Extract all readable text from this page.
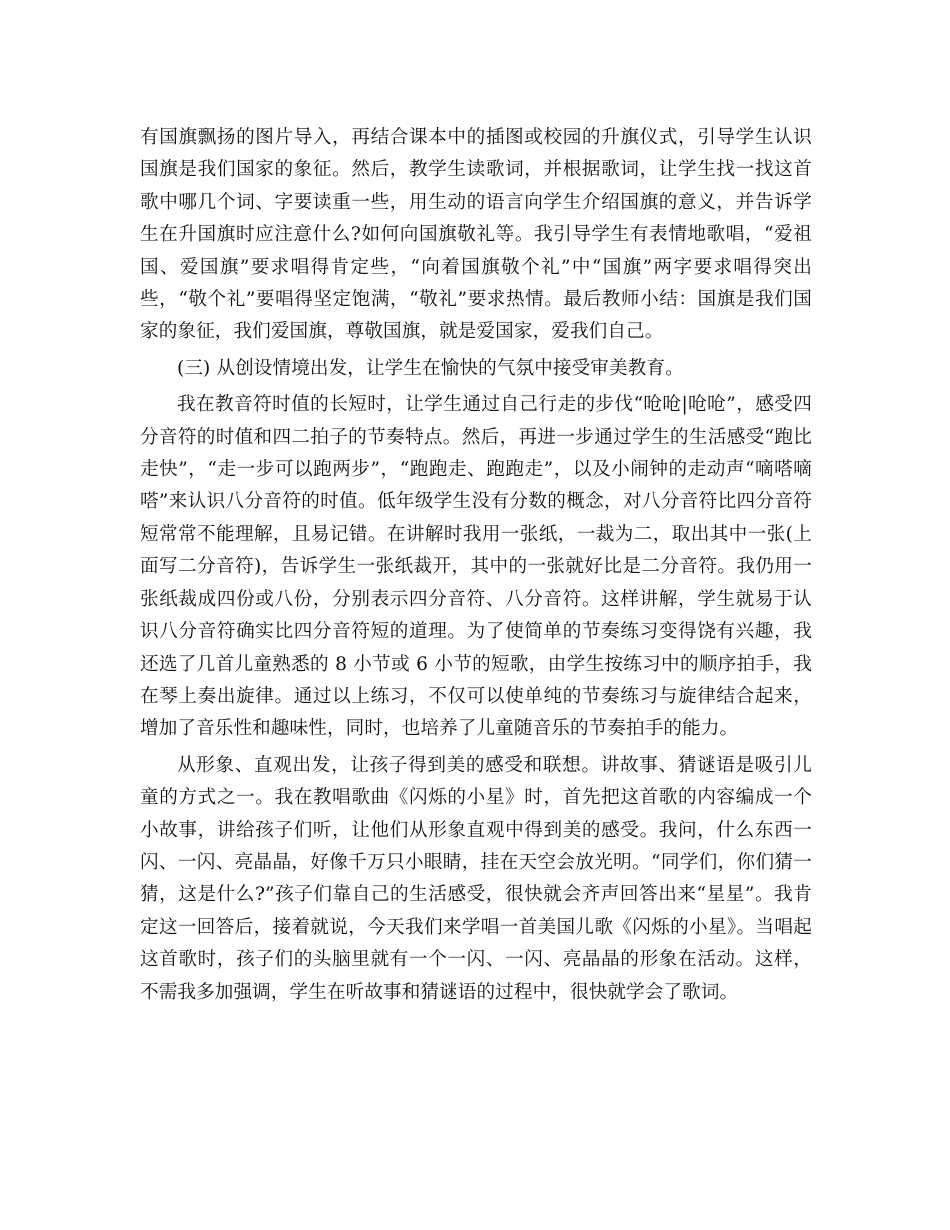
有国旗飘扬的图片导入，再结合课本中的插图或校园的升旗仪式，引导学生认识国旗是我们国家的象征。然后，教学生读歌词，并根据歌词，让学生找一找这首歌中哪几个词、字要读重一些，用生动的语言向学生介绍国旗的意义，并告诉学生在升国旗时应注意什么?如何向国旗敬礼等。我引导学生有表情地歌唱，“爱祖国、爱国旗”要求唱得肯定些，“向着国旗敬个礼”中“国旗”两字要求唱得突出些，“敬个礼”要唱得坚定饱满，“敬礼”要求热情。最后教师小结：国旗是我们国家的象征，我们爱国旗，尊敬国旗，就是爱国家，爱我们自己。

(三) 从创设情境出发，让学生在愉快的气氛中接受审美教育。

我在教音符时值的长短时，让学生通过自己行走的步伐“呛呛|呛呛”，感受四分音符的时值和四二拍子的节奏特点。然后，再进一步通过学生的生活感受“跑比走快”，“走一步可以跑两步”，“跑跑走、跑跑走”，以及小闹钟的走动声“嘀嗒嘀嗒”来认识八分音符的时值。低年级学生没有分数的概念，对八分音符比四分音符短常常不能理解，且易记错。在讲解时我用一张纸，一裁为二，取出其中一张(上面写二分音符)，告诉学生一张纸裁开，其中的一张就好比是二分音符。我仍用一张纸裁成四份或八份，分别表示四分音符、八分音符。这样讲解，学生就易于认识八分音符确实比四分音符短的道理。为了使简单的节奏练习变得饶有兴趣，我还选了几首儿童熟悉的 8 小节或 6 小节的短歌，由学生按练习中的顺序拍手，我在琴上奏出旋律。通过以上练习，不仅可以使单纯的节奏练习与旋律结合起来，增加了音乐性和趣味性，同时，也培养了儿童随音乐的节奏拍手的能力。

从形象、直观出发，让孩子得到美的感受和联想。讲故事、猜谜语是吸引儿童的方式之一。我在教唱歌曲《闪烁的小星》时，首先把这首歌的内容编成一个小故事，讲给孩子们听，让他们从形象直观中得到美的感受。我问，什么东西一闪、一闪、亮晶晶，好像千万只小眼睛，挂在天空会放光明。“同学们，你们猜一猜，这是什么?”孩子们靠自己的生活感受，很快就会齐声回答出来“星星”。我肯定这一回答后，接着就说，今天我们来学唱一首美国儿歌《闪烁的小星》。当唱起这首歌时，孩子们的头脑里就有一个一闪、一闪、亮晶晶的形象在活动。这样，不需我多加强调，学生在听故事和猜谜语的过程中，很快就学会了歌词。
